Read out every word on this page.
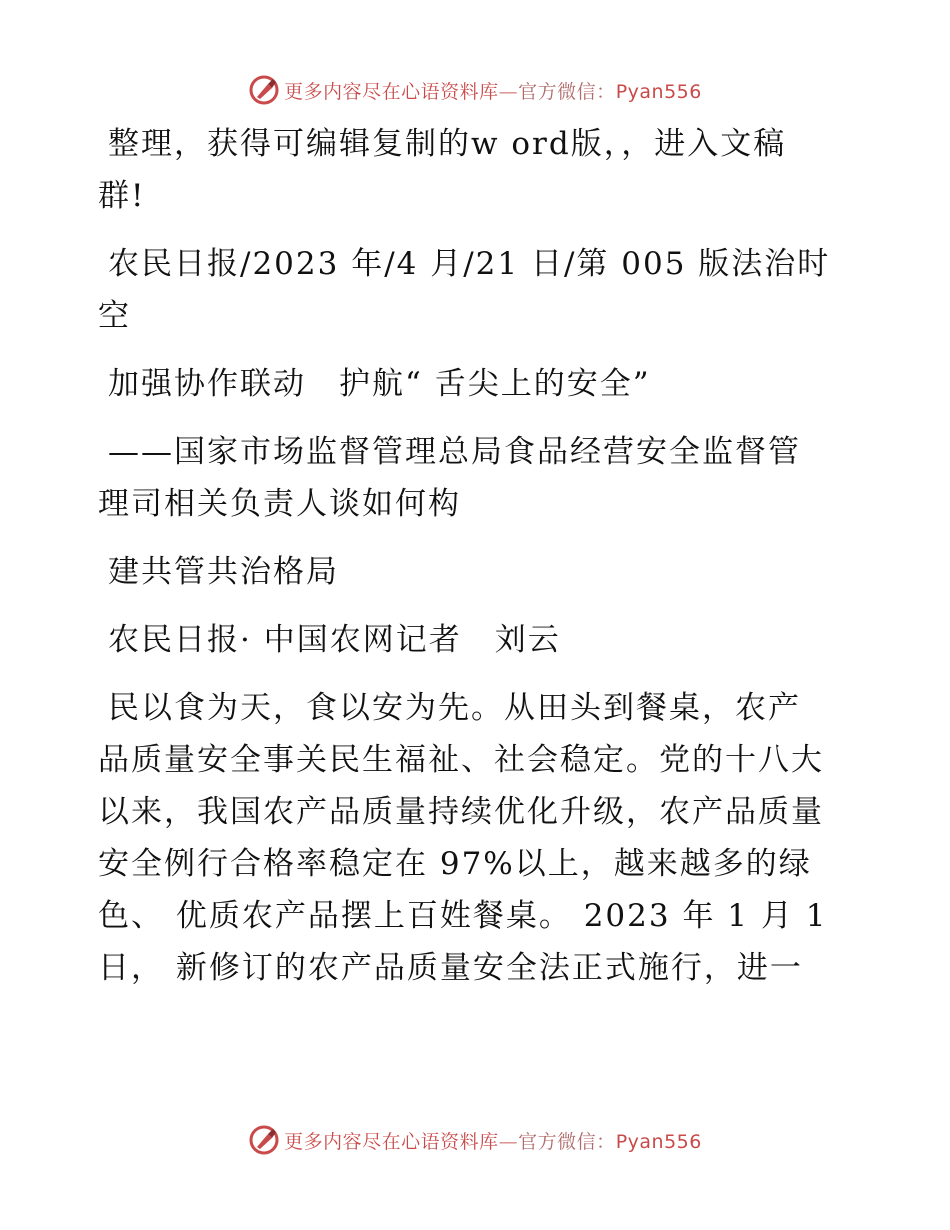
更多内容尽在心语资料库—官方微信：Pyan556
整理，获得可编辑复制的w ord版，，进入文稿
群!
农民日报/2023 年/4 月/21 日/第 005 版法治时
空
加强协作联动　护航“ 舌尖上的安全”
——国家市场监督管理总局食品经营安全监督管
理司相关负责人谈如何构
建共管共治格局
农民日报· 中国农网记者　刘云
民以食为天，食以安为先。从田头到餐桌，农产
品质量安全事关民生福祉、社会稳定。党的十八大
以来，我国农产品质量持续优化升级，农产品质量
安全例行合格率稳定在 97%以上，越来越多的绿
色、 优质农产品摆上百姓餐桌。 2023 年 1 月 1
日， 新修订的农产品质量安全法正式施行，进一
更多内容尽在心语资料库—官方微信：Pyan556
